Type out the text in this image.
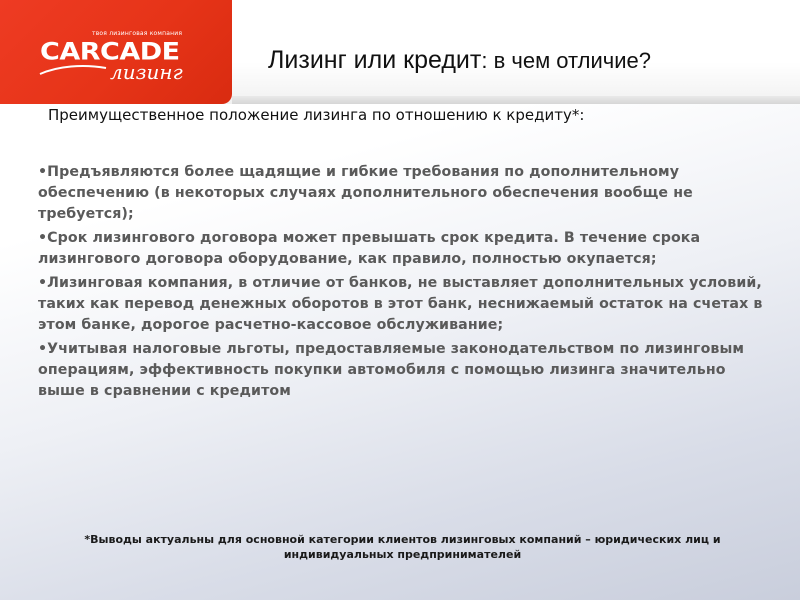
твоя лизинговая компания
CARCADE
лизинг	Лизинг или кредит: в чем отличие?
Преимущественное положение лизинга по отношению к кредиту*:
•Предъявляются более щадящие и гибкие требования по дополнительному обеспечению (в некоторых случаях дополнительного обеспечения вообще не требуется);
•Срок лизингового договора может превышать срок кредита. В течение срока лизингового договора оборудование, как правило, полностью окупается;
•Лизинговая компания, в отличие от банков, не выставляет дополнительных условий, таких как перевод денежных оборотов в этот банк, неснижаемый остаток на счетах в этом банке, дорогое расчетно-кассовое обслуживание;
•Учитывая налоговые льготы, предоставляемые законодательством по лизинговым операциям, эффективность покупки автомобиля с помощью лизинга значительно выше в сравнении с кредитом
*Выводы актуальны для основной категории клиентов лизинговых компаний – юридических лиц и индивидуальных предпринимателей
